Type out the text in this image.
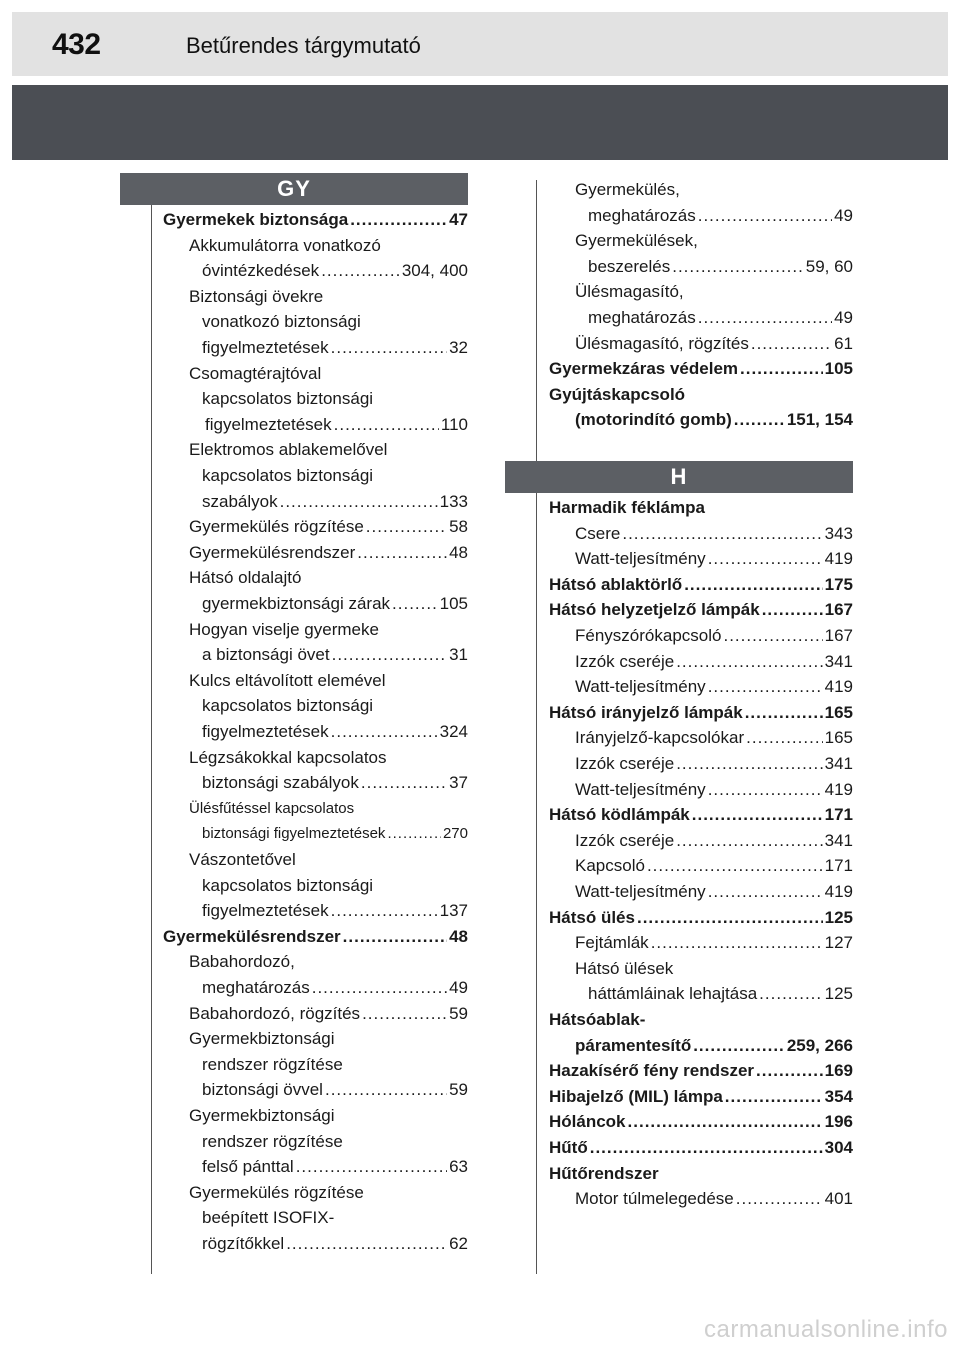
432	Betűrendes tárgymutató
GY
H
Gyermekek biztonsága .....	47
Akkumulátorra vonatkozó
óvintézkedések .....	304, 400
Biztonsági övekre
vonatkozó biztonsági
figyelmeztetések .....	32
Csomagtérajtóval
kapcsolatos biztonsági
figyelmeztetések .....	110
Elektromos ablakemelővel
kapcsolatos biztonsági
szabályok .....	133
Gyermekülés rögzítése .....	58
Gyermekülésrendszer .....	48
Hátsó oldalajtó
gyermekbiztonsági zárak .....	105
Hogyan viselje gyermeke
a biztonsági övet .....	31
Kulcs eltávolított elemével
kapcsolatos biztonsági
figyelmeztetések .....	324
Légzsákokkal kapcsolatos
biztonsági szabályok .....	37
Ülésfűtéssel kapcsolatos
biztonsági figyelmeztetések .....	270
Vászontetővel
kapcsolatos biztonsági
figyelmeztetések .....	137
Gyermekülésrendszer .....	48
Babahordozó,
meghatározás .....	49
Babahordozó, rögzítés .....	59
Gyermekbiztonsági
rendszer rögzítése
biztonsági övvel .....	59
Gyermekbiztonsági
rendszer rögzítése
felső pánttal .....	63
Gyermekülés rögzítése
beépített ISOFIX-
rögzítőkkel .....	62
Gyermekülés,
meghatározás .....	49
Gyermekülések,
beszerelés .....	59, 60
Ülésmagasító,
meghatározás .....	49
Ülésmagasító, rögzítés .....	61
Gyermekzáras védelem .....	105
Gyújtáskapcsoló
(motorindító gomb) .....	151, 154
Harmadik féklámpa
Csere .....	343
Watt-teljesítmény .....	419
Hátsó ablaktörlő .....	175
Hátsó helyzetjelző lámpák .....	167
Fényszórókapcsoló .....	167
Izzók cseréje .....	341
Watt-teljesítmény .....	419
Hátsó irányjelző lámpák .....	165
Irányjelző-kapcsolókar .....	165
Izzók cseréje .....	341
Watt-teljesítmény .....	419
Hátsó ködlámpák .....	171
Izzók cseréje .....	341
Kapcsoló .....	171
Watt-teljesítmény .....	419
Hátsó ülés .....	125
Fejtámlák .....	127
Hátsó ülések
háttámláinak lehajtása .....	125
Hátsóablak-
páramentesítő .....	259, 266
Hazakísérő fény rendszer .....	169
Hibajelző (MIL) lámpa .....	354
Hóláncok .....	196
Hűtő .....	304
Hűtőrendszer
Motor túlmelegedése .....	401
carmanualsonline.info
